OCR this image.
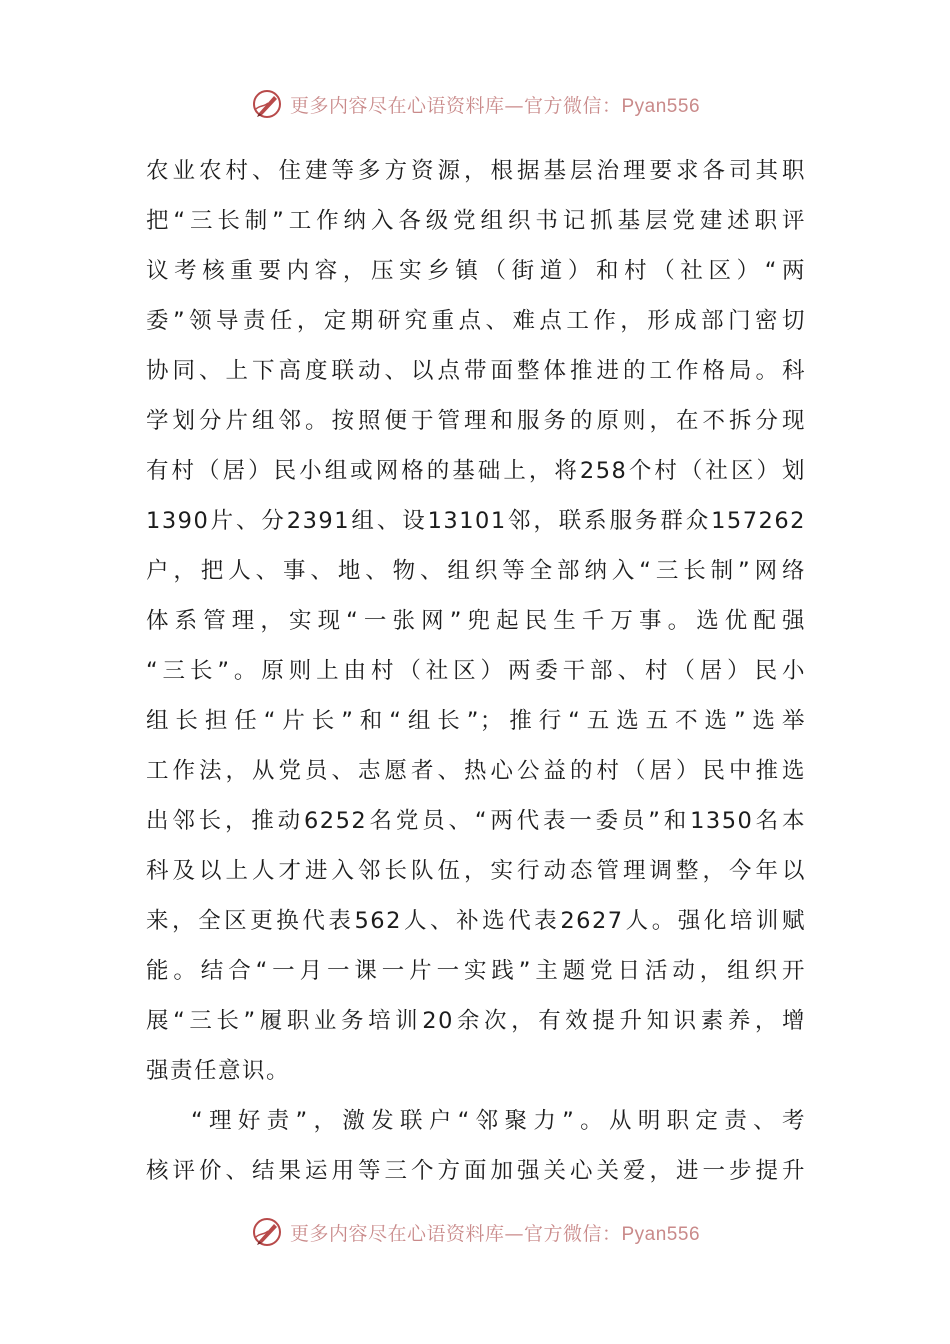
更多内容尽在心语资料库—官方微信：Pyan556
农业农村、住建等多方资源，根据基层治理要求各司其职
把“三长制”工作纳入各级党组织书记抓基层党建述职评
议考核重要内容，压实乡镇（街道）和村（社区）“两
委”领导责任，定期研究重点、难点工作，形成部门密切
协同、上下高度联动、以点带面整体推进的工作格局。科
学划分片组邻。按照便于管理和服务的原则，在不拆分现
有村（居）民小组或网格的基础上，将258个村（社区）划
1390片、分2391组、设13101邻，联系服务群众157262
户，把人、事、地、物、组织等全部纳入“三长制”网络
体系管理，实现“一张网”兜起民生千万事。选优配强
“三长”。原则上由村（社区）两委干部、村（居）民小
组长担任“片长”和“组长”；推行“五选五不选”选举
工作法，从党员、志愿者、热心公益的村（居）民中推选
出邻长，推动6252名党员、“两代表一委员”和1350名本
科及以上人才进入邻长队伍，实行动态管理调整，今年以
来，全区更换代表562人、补选代表2627人。强化培训赋
能。结合“一月一课一片一实践”主题党日活动，组织开
展“三长”履职业务培训20余次，有效提升知识素养，增
强责任意识。
“理好责”，激发联户“邻聚力”。从明职定责、考
核评价、结果运用等三个方面加强关心关爱，进一步提升
更多内容尽在心语资料库—官方微信：Pyan556
